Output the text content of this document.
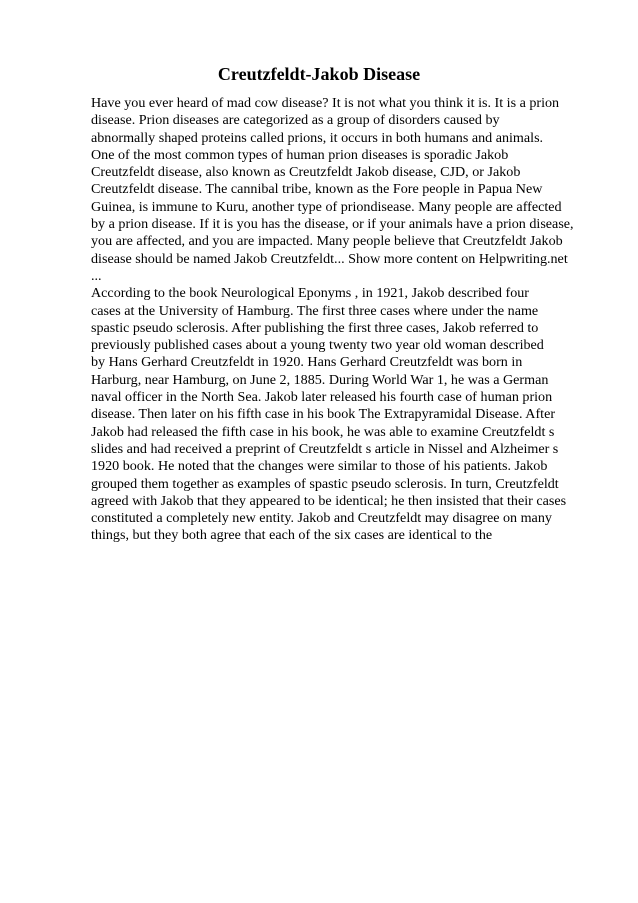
Creutzfeldt-Jakob Disease
Have you ever heard of mad cow disease? It is not what you think it is. It is a prion
disease. Prion diseases are categorized as a group of disorders caused by
abnormally shaped proteins called prions, it occurs in both humans and animals.
One of the most common types of human prion diseases is sporadic Jakob
Creutzfeldt disease, also known as Creutzfeldt Jakob disease, CJD, or Jakob
Creutzfeldt disease. The cannibal tribe, known as the Fore people in Papua New
Guinea, is immune to Kuru, another type of priondisease. Many people are affected
by a prion disease. If it is you has the disease, or if your animals have a prion disease,
you are affected, and you are impacted. Many people believe that Creutzfeldt Jakob
disease should be named Jakob Creutzfeldt... Show more content on Helpwriting.net
...
According to the book Neurological Eponyms , in 1921, Jakob described four
cases at the University of Hamburg. The first three cases where under the name
spastic pseudo sclerosis. After publishing the first three cases, Jakob referred to
previously published cases about a young twenty two year old woman described
by Hans Gerhard Creutzfeldt in 1920. Hans Gerhard Creutzfeldt was born in
Harburg, near Hamburg, on June 2, 1885. During World War 1, he was a German
naval officer in the North Sea. Jakob later released his fourth case of human prion
disease. Then later on his fifth case in his book The Extrapyramidal Disease. After
Jakob had released the fifth case in his book, he was able to examine Creutzfeldt s
slides and had received a preprint of Creutzfeldt s article in Nissel and Alzheimer s
1920 book. He noted that the changes were similar to those of his patients. Jakob
grouped them together as examples of spastic pseudo sclerosis. In turn, Creutzfeldt
agreed with Jakob that they appeared to be identical; he then insisted that their cases
constituted a completely new entity. Jakob and Creutzfeldt may disagree on many
things, but they both agree that each of the six cases are identical to the
